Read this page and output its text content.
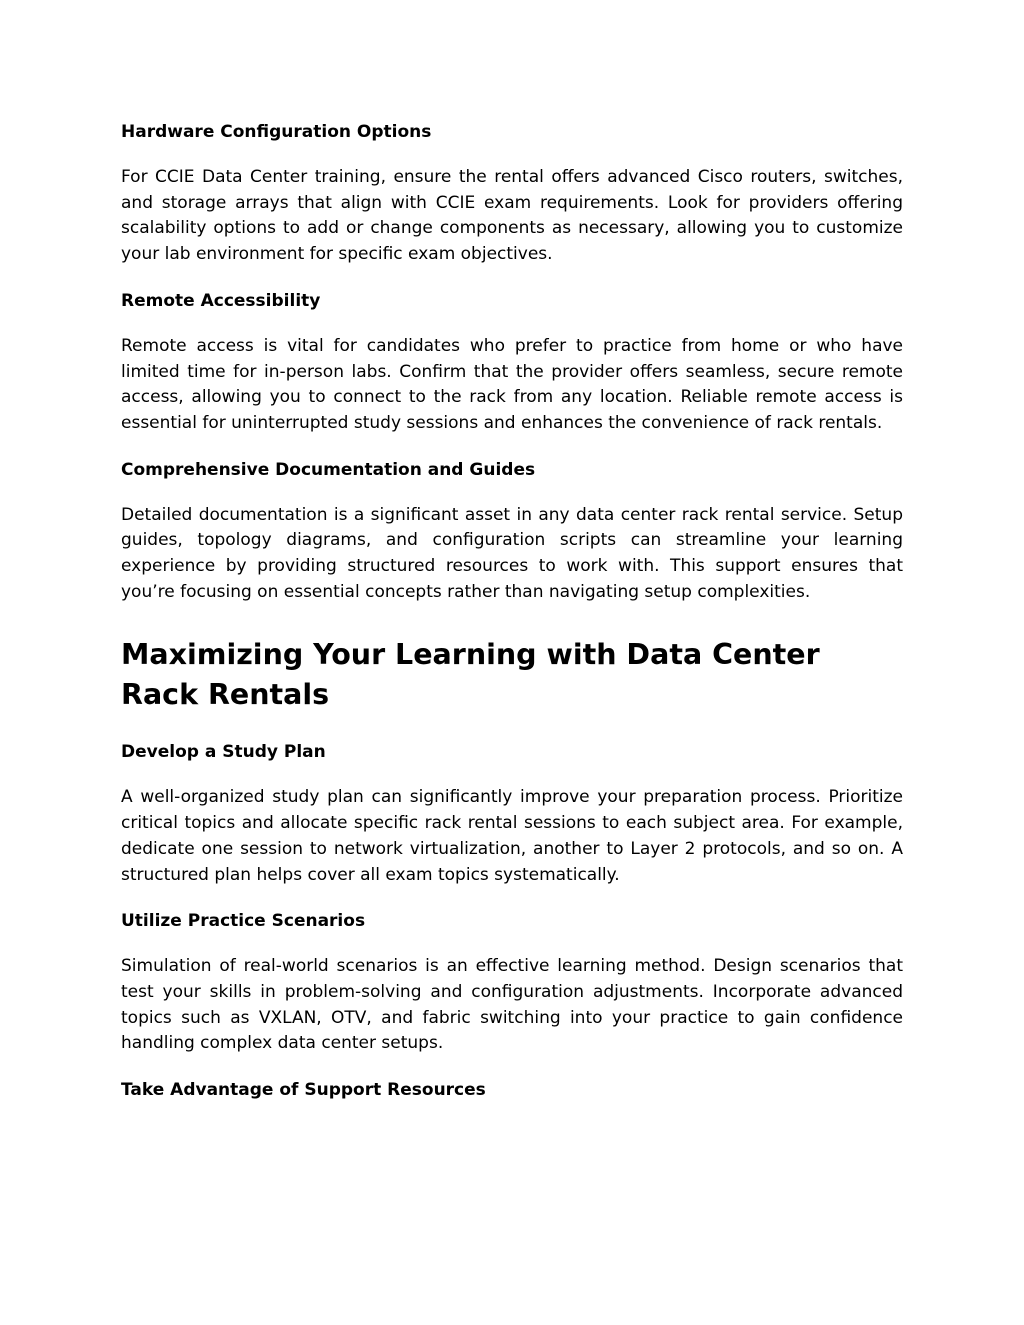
Hardware Configuration Options

For CCIE Data Center training, ensure the rental offers advanced Cisco routers, switches, and storage arrays that align with CCIE exam requirements. Look for providers offering scalability options to add or change components as necessary, allowing you to customize your lab environment for specific exam objectives.

Remote Accessibility

Remote access is vital for candidates who prefer to practice from home or who have limited time for in-person labs. Confirm that the provider offers seamless, secure remote access, allowing you to connect to the rack from any location. Reliable remote access is essential for uninterrupted study sessions and enhances the convenience of rack rentals.

Comprehensive Documentation and Guides

Detailed documentation is a significant asset in any data center rack rental service. Setup guides, topology diagrams, and configuration scripts can streamline your learning experience by providing structured resources to work with. This support ensures that you’re focusing on essential concepts rather than navigating setup complexities.

Maximizing Your Learning with Data Center Rack Rentals
Develop a Study Plan

A well-organized study plan can significantly improve your preparation process. Prioritize critical topics and allocate specific rack rental sessions to each subject area. For example, dedicate one session to network virtualization, another to Layer 2 protocols, and so on. A structured plan helps cover all exam topics systematically.

Utilize Practice Scenarios

Simulation of real-world scenarios is an effective learning method. Design scenarios that test your skills in problem-solving and configuration adjustments. Incorporate advanced topics such as VXLAN, OTV, and fabric switching into your practice to gain confidence handling complex data center setups.

Take Advantage of Support Resources
